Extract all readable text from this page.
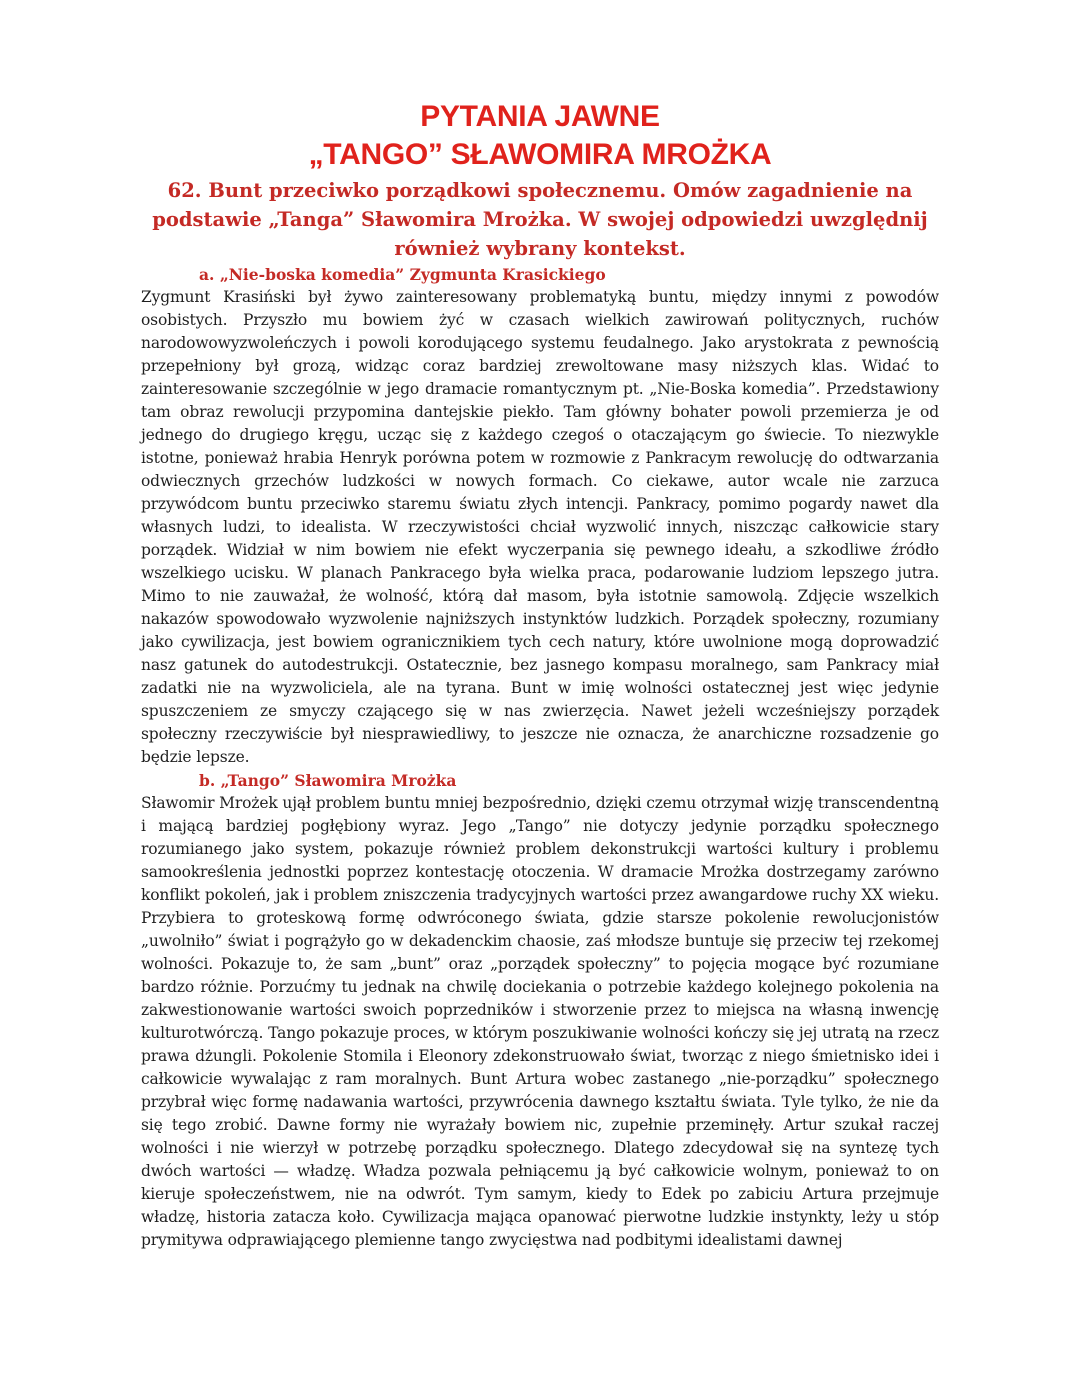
PYTANIA JAWNE
„TANGO” SŁAWOMIRA MROŻKA

62. Bunt przeciwko porządkowi społecznemu. Omów zagadnienie na podstawie „Tanga” Sławomira Mrożka. W swojej odpowiedzi uwzględnij również wybrany kontekst.

a. „Nie-boska komedia” Zygmunta Krasickiego

Zygmunt Krasiński był żywo zainteresowany problematyką buntu, między innymi z powodów osobistych. Przyszło mu bowiem żyć w czasach wielkich zawirowań politycznych, ruchów narodowowyzwoleńczych i powoli korodującego systemu feudalnego. Jako arystokrata z pewnością przepełniony był grozą, widząc coraz bardziej zrewoltowane masy niższych klas. Widać to zainteresowanie szczególnie w jego dramacie romantycznym pt. „Nie-Boska komedia”. Przedstawiony tam obraz rewolucji przypomina dantejskie piekło. Tam główny bohater powoli przemierza je od jednego do drugiego kręgu, ucząc się z każdego czegoś o otaczającym go świecie. To niezwykle istotne, ponieważ hrabia Henryk porówna potem w rozmowie z Pankracym rewolucję do odtwarzania odwiecznych grzechów ludzkości w nowych formach. Co ciekawe, autor wcale nie zarzuca przywódcom buntu przeciwko staremu światu złych intencji. Pankracy, pomimo pogardy nawet dla własnych ludzi, to idealista. W rzeczywistości chciał wyzwolić innych, niszcząc całkowicie stary porządek. Widział w nim bowiem nie efekt wyczerpania się pewnego ideału, a szkodliwe źródło wszelkiego ucisku. W planach Pankracego była wielka praca, podarowanie ludziom lepszego jutra. Mimo to nie zauważał, że wolność, którą dał masom, była istotnie samowolą. Zdjęcie wszelkich nakazów spowodowało wyzwolenie najniższych instynktów ludzkich. Porządek społeczny, rozumiany jako cywilizacja, jest bowiem ogranicznikiem tych cech natury, które uwolnione mogą doprowadzić nasz gatunek do autodestrukcji. Ostatecznie, bez jasnego kompasu moralnego, sam Pankracy miał zadatki nie na wyzwoliciela, ale na tyrana. Bunt w imię wolności ostatecznej jest więc jedynie spuszczeniem ze smyczy czającego się w nas zwierzęcia. Nawet jeżeli wcześniejszy porządek społeczny rzeczywiście był niesprawiedliwy, to jeszcze nie oznacza, że anarchiczne rozsadzenie go będzie lepsze.

b. „Tango” Sławomira Mrożka

Sławomir Mrożek ujął problem buntu mniej bezpośrednio, dzięki czemu otrzymał wizję transcendentną i mającą bardziej pogłębiony wyraz. Jego „Tango” nie dotyczy jedynie porządku społecznego rozumianego jako system, pokazuje również problem dekonstrukcji wartości kultury i problemu samookreślenia jednostki poprzez kontestację otoczenia. W dramacie Mrożka dostrzegamy zarówno konflikt pokoleń, jak i problem zniszczenia tradycyjnych wartości przez awangardowe ruchy XX wieku. Przybiera to groteskową formę odwróconego świata, gdzie starsze pokolenie rewolucjonistów „uwolniło” świat i pogrążyło go w dekadenckim chaosie, zaś młodsze buntuje się przeciw tej rzekomej wolności. Pokazuje to, że sam „bunt” oraz „porządek społeczny” to pojęcia mogące być rozumiane bardzo różnie. Porzućmy tu jednak na chwilę dociekania o potrzebie każdego kolejnego pokolenia na zakwestionowanie wartości swoich poprzedników i stworzenie przez to miejsca na własną inwencję kulturotwórczą. Tango pokazuje proces, w którym poszukiwanie wolności kończy się jej utratą na rzecz prawa dżungli. Pokolenie Stomila i Eleonory zdekonstruowało świat, tworząc z niego śmietnisko idei i całkowicie wywalając z ram moralnych. Bunt Artura wobec zastanego „nie-porządku” społecznego przybrał więc formę nadawania wartości, przywrócenia dawnego kształtu świata. Tyle tylko, że nie da się tego zrobić. Dawne formy nie wyrażały bowiem nic, zupełnie przeminęły. Artur szukał raczej wolności i nie wierzył w potrzebę porządku społecznego. Dlatego zdecydował się na syntezę tych dwóch wartości — władzę. Władza pozwala pełniącemu ją być całkowicie wolnym, ponieważ to on kieruje społeczeństwem, nie na odwrót. Tym samym, kiedy to Edek po zabiciu Artura przejmuje władzę, historia zatacza koło. Cywilizacja mająca opanować pierwotne ludzkie instynkty, leży u stóp prymitywa odprawiającego plemienne tango zwycięstwa nad podbitymi idealistami dawnej
